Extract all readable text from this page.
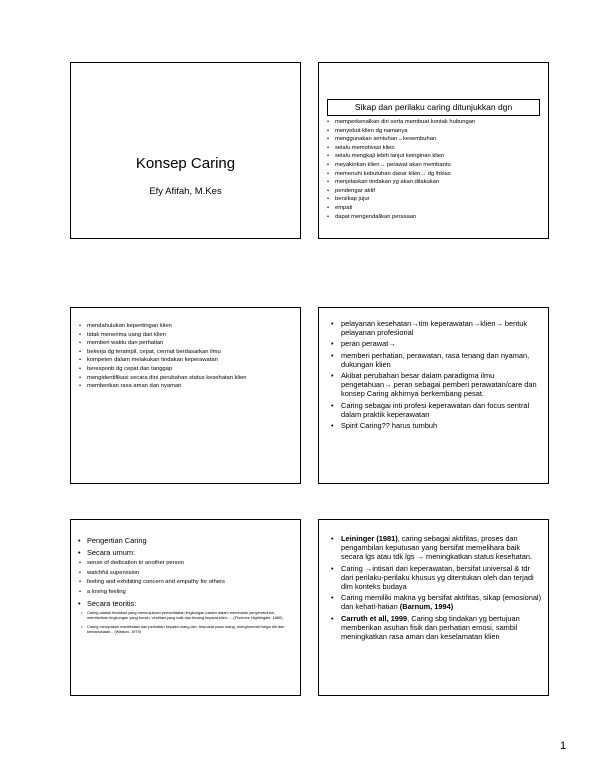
Konsep Caring
Efy Afifah, M.Kes
Sikap dan perilaku caring ditunjukkan dgn
• memperkenalkan diri serta membuat kontak hubungan
• menyebut klien dg namanya
• menggunakan sentuhan→kesembuhan
• selalu memotivasi klien
• selalu mengkaji lebih lanjut keinginan klien
• meyakinkan klien→ perawat akan membantu
• memenuhi kebutuhan dasar klien→ dg ihklas
• menjelaskan tindakan yg akan dilakukan
• pendengar aktif
• bersikap jujur
• empati
• dapat mengendalikan perasaan
• mendahulukan kepentingan klien
• tidak menerima uang dari klien
• memberi waktu dan perhatian
• bekerja dg terampil, cepat, cermat berdasarkan ilmu
• kompeten dalam melakukan tindakan keperawatan
• beresponb dg cepat dan tanggap
• mengidentifikasi secara dini perubahan status kesehatan klien
• memberikan rasa aman dan nyaman
• pelayanan kesehatan→tim keperawatan→klien→ bentuk pelayanan profesional
• peran perawat→
• memberi perhatian, perawatan, rasa tenang dan nyaman, dukungan klien
• Akibat perubahan besar dalam paradigma ilmu pengetahuan→ peran sebagai pemberi perawatan/care dan konsep Caring akhirnya berkembang pesat.
• Caring sebagai inti profesi keperawatan dan focus sentral dalam praktik keperawatan
• Spirit Caring?? harus tumbuh
• Pengertian Caring
• Secara umum:
• sense of dedication to another person
• watchful supervision
• feeling and exhibiting concern and empathy for others
• a loving feeling
• Secara teoritis:
• Caring adalah tindakan yang menunjukkan pemanfaatan lingkungan pasien dalam membantu penyembuhan, memberikan lingkungan yang bersih, ventilasi yang baik dan tenang kepada klien......(Florence Nightingale, 1860)
• Caring merupakan manifestasi dari perhatian kepada orang lain, berpusat pada orang, menghormati harga diri dan kemanusiaan... (Watson, 1979)
• Leininger (1981), caring sebagai aktifitas, proses dan pengambilan keputusan yang bersifat memelihara baik secara lgs atau tdk lgs → meningkatkan status kesehatan.
• Caring →intisari dari keperawatan, bersifat universal & tdr dari perilaku-perilaku khusus yg ditentukan oleh dan terjadi dlm konteks budaya
• Caring memiliki makna yg bersifat aktifitas, sikap (emosional) dan kehati-hatian (Barnum, 1994)
• Carruth et all, 1999, Caring sbg tindakan yg bertujuan memberikan asuhan fisik dan perhatian emosi, sambil meningkatkan rasa aman dan keselamatan klien
1
